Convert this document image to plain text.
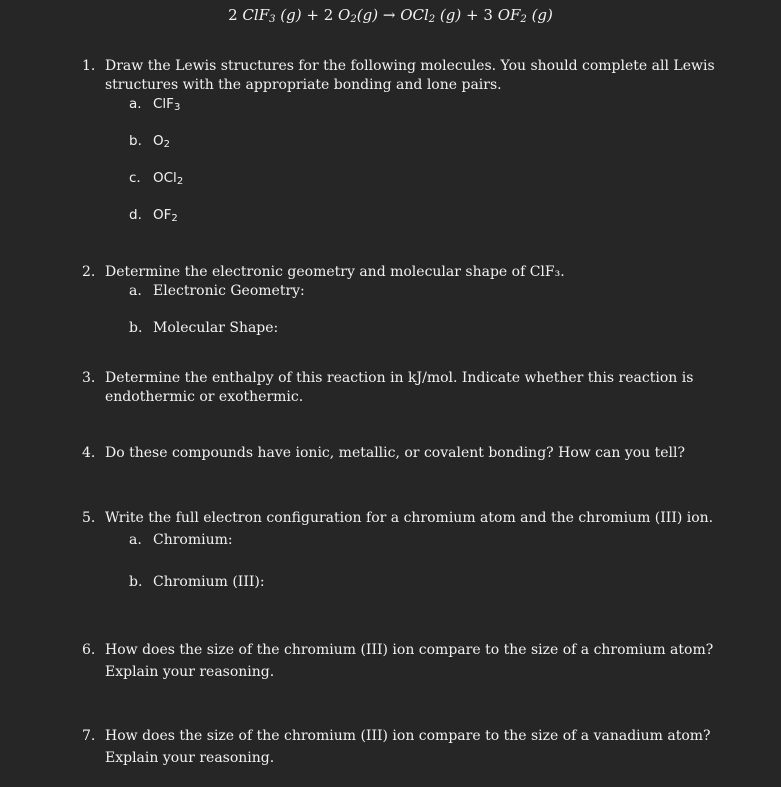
2 ClF3 (g) + 2 O2(g) → OCl2 (g) + 3 OF2 (g)
1. Draw the Lewis structures for the following molecules. You should complete all Lewis structures with the appropriate bonding and lone pairs.
a. ClF3
b. O2
c. OCl2
d. OF2
2. Determine the electronic geometry and molecular shape of ClF₃.
a. Electronic Geometry:
b. Molecular Shape:
3. Determine the enthalpy of this reaction in kJ/mol. Indicate whether this reaction is endothermic or exothermic.
4. Do these compounds have ionic, metallic, or covalent bonding? How can you tell?
5. Write the full electron configuration for a chromium atom and the chromium (III) ion.
a. Chromium:
b. Chromium (III):
6. How does the size of the chromium (III) ion compare to the size of a chromium atom? Explain your reasoning.
7. How does the size of the chromium (III) ion compare to the size of a vanadium atom? Explain your reasoning.
